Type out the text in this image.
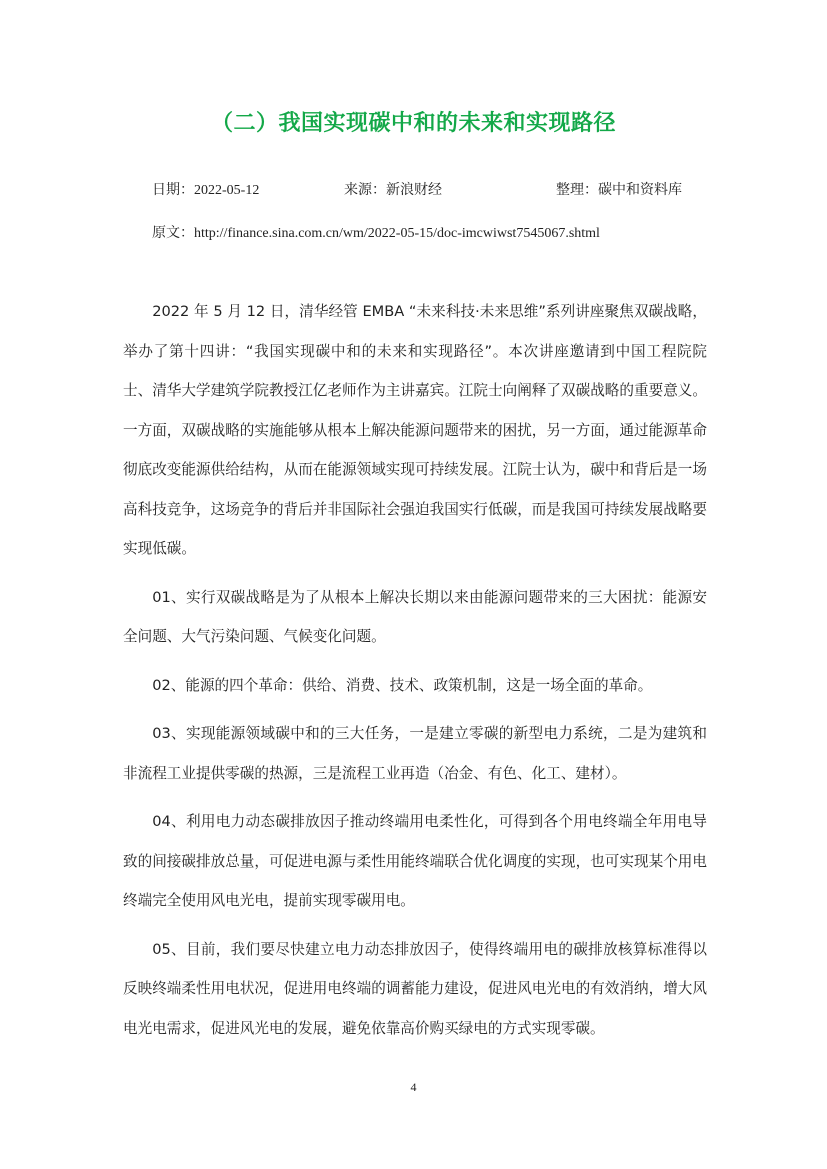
（二）我国实现碳中和的未来和实现路径
日期：2022-05-12	来源：新浪财经	整理：碳中和资料库
原文：http://finance.sina.com.cn/wm/2022-05-15/doc-imcwiwst7545067.shtml

2022 年 5 月 12 日，清华经管 EMBA “未来科技·未来思维”系列讲座聚焦双碳战略，举办了第十四讲：“我国实现碳中和的未来和实现路径”。本次讲座邀请到中国工程院院士、清华大学建筑学院教授江亿老师作为主讲嘉宾。江院士向阐释了双碳战略的重要意义。一方面，双碳战略的实施能够从根本上解决能源问题带来的困扰，另一方面，通过能源革命彻底改变能源供给结构，从而在能源领域实现可持续发展。江院士认为，碳中和背后是一场高科技竞争，这场竞争的背后并非国际社会强迫我国实行低碳，而是我国可持续发展战略要实现低碳。

01、实行双碳战略是为了从根本上解决长期以来由能源问题带来的三大困扰：能源安全问题、大气污染问题、气候变化问题。

02、能源的四个革命：供给、消费、技术、政策机制，这是一场全面的革命。

03、实现能源领域碳中和的三大任务，一是建立零碳的新型电力系统，二是为建筑和非流程工业提供零碳的热源，三是流程工业再造（冶金、有色、化工、建材）。

04、利用电力动态碳排放因子推动终端用电柔性化，可得到各个用电终端全年用电导致的间接碳排放总量，可促进电源与柔性用能终端联合优化调度的实现，也可实现某个用电终端完全使用风电光电，提前实现零碳用电。

05、目前，我们要尽快建立电力动态排放因子，使得终端用电的碳排放核算标准得以反映终端柔性用电状况，促进用电终端的调蓄能力建设，促进风电光电的有效消纳，增大风电光电需求，促进风光电的发展，避免依靠高价购买绿电的方式实现零碳。

4
